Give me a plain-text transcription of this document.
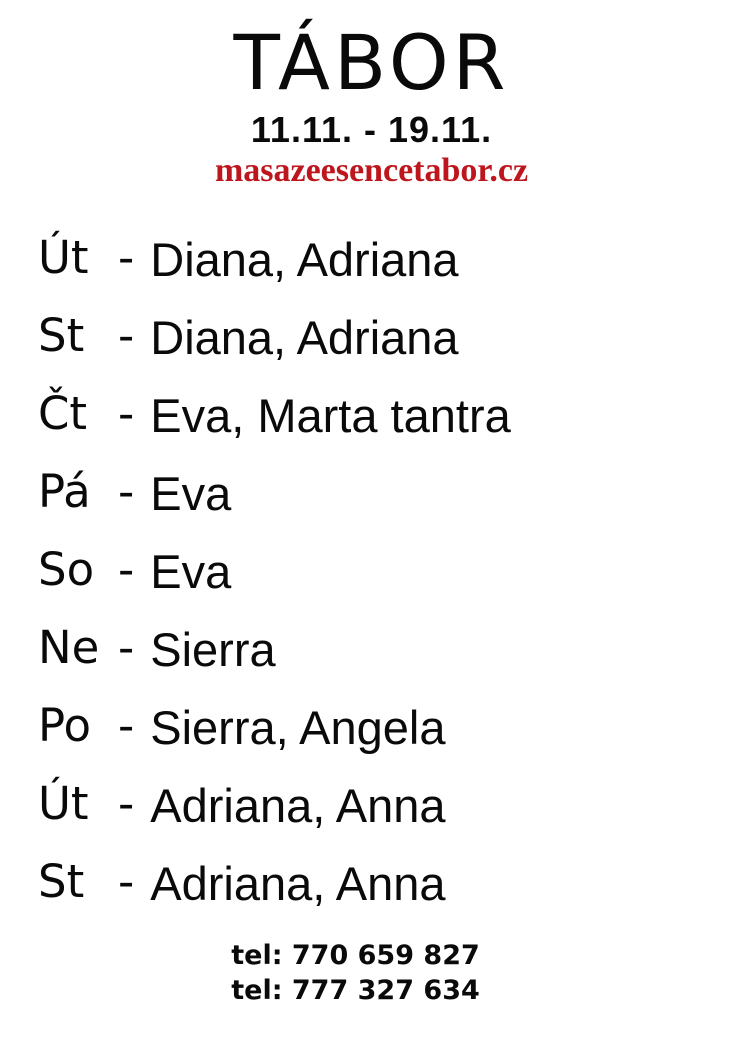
TÁBOR
11.11. - 19.11.
masazeesencetabor.cz
Út - Diana, Adriana
St - Diana, Adriana
Čt - Eva, Marta tantra
Pá - Eva
So - Eva
Ne - Sierra
Po - Sierra, Angela
Út - Adriana, Anna
St - Adriana, Anna
tel: 770 659 827
tel: 777 327 634
